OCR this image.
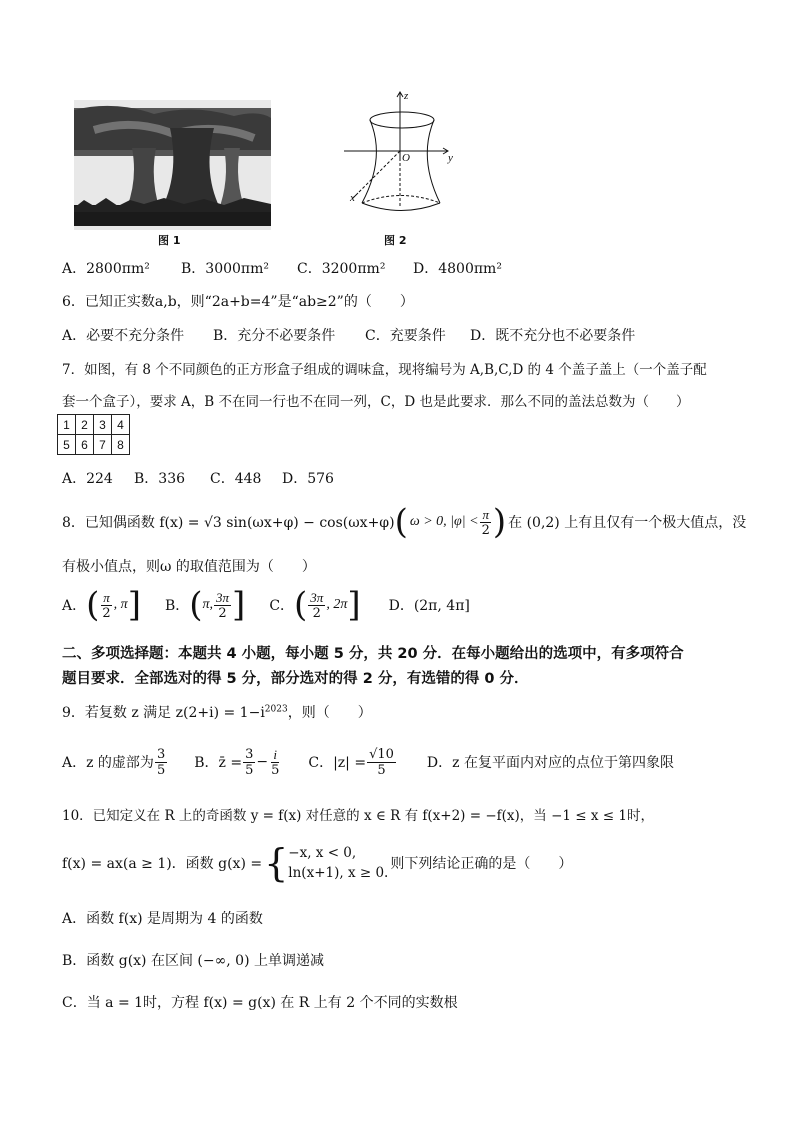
图 1
z
y
x
O
图 2
A．2800πm² B．3000πm² C．3200πm² D．4800πm²
6．已知正实数a,b，则“2a+b=4”是“ab≥2”的（　　）
A．必要不充分条件 B．充分不必要条件 C．充要条件 D．既不充分也不必要条件
7．如图，有 8 个不同颜色的正方形盒子组成的调味盒，现将编号为 A,B,C,D 的 4 个盖子盖上（一个盖子配
套一个盒子），要求 A，B 不在同一行也不在同一列，C，D 也是此要求．那么不同的盖法总数为（　　）
1	2	3	4
5	6	7	8
A．224 B．336 C．448 D．576
8．已知偶函数 f(x) = √3 sin(ωx+φ) − cos(ωx+φ) ( ω > 0, $|\varphi| < \frac{\pi}{2}$ ) 在 (0,2) 上有且仅有一个极大值点，没
有极小值点，则ω 的取值范围为（　　）
A． ( $\frac{\pi}{2}$ , π ] B． ( π, $\frac{3\pi}{2}$ ] C． ( $\frac{3\pi}{2}$ , 2π ] D．(2π, 4π]
二、多项选择题：本题共 4 小题，每小题 5 分，共 20 分．在每小题给出的选项中，有多项符合
题目要求．全部选对的得 5 分，部分选对的得 2 分，有选错的得 0 分．
9．若复数 z 满足 $z(2+i) = 1-i^{2023}$，则（　　）
A．z 的虚部为 $\frac{3}{5}$ B．z̄ = $\frac{3}{5} - \frac{i}{5}$ C．$|z| = \frac{√10}{5}$ D．z 在复平面内对应的点位于第四象限
10．已知定义在 R 上的奇函数 y = f(x) 对任意的 x ∈ R 有 f(x+2) = −f(x)，当 −1 ≤ x ≤ 1时，
f(x) = ax(a ≥ 1)．函数 g(x) = { −x, x < 0,
ln(x+1), x ≥ 0.
则下列结论正确的是（　　）
A．函数 f(x) 是周期为 4 的函数
B．函数 g(x) 在区间 (−∞, 0) 上单调递减
C．当 a = 1时，方程 f(x) = g(x) 在 R 上有 2 个不同的实数根
